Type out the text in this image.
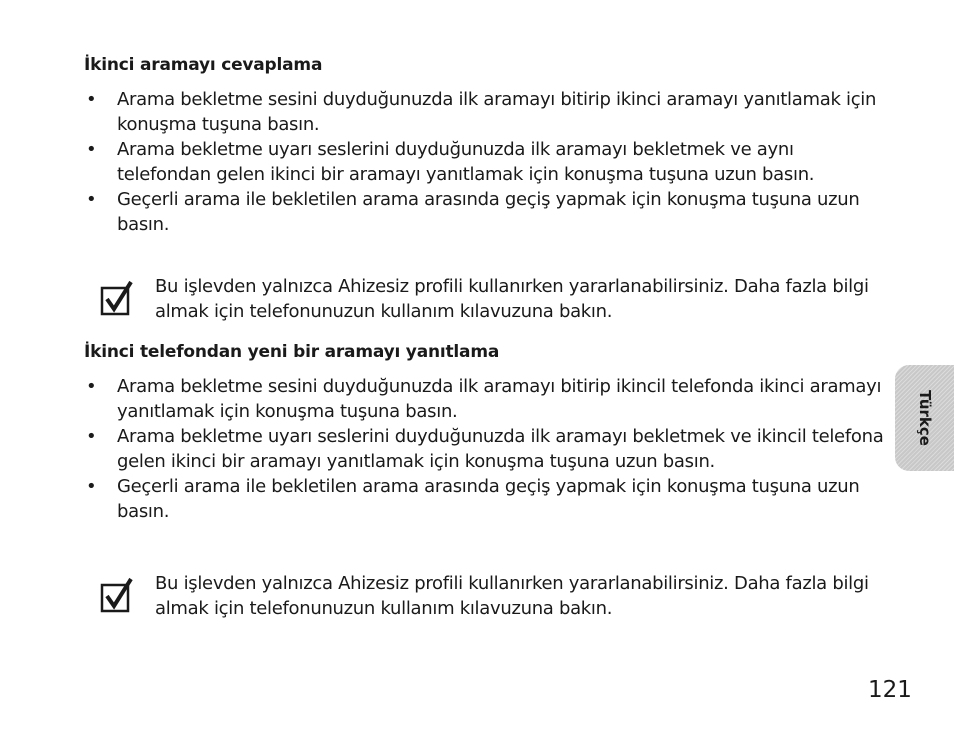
İkinci aramayı cevaplama
• Arama bekletme sesini duyduğunuzda ilk aramayı bitirip ikinci aramayı yanıtlamak için konuşma tuşuna basın.
• Arama bekletme uyarı seslerini duyduğunuzda ilk aramayı bekletmek ve aynı telefondan gelen ikinci bir aramayı yanıtlamak için konuşma tuşuna uzun basın.
• Geçerli arama ile bekletilen arama arasında geçiş yapmak için konuşma tuşuna uzun basın.
Bu işlevden yalnızca Ahizesiz profili kullanırken yararlanabilirsiniz. Daha fazla bilgi almak için telefonunuzun kullanım kılavuzuna bakın.
İkinci telefondan yeni bir aramayı yanıtlama
• Arama bekletme sesini duyduğunuzda ilk aramayı bitirip ikincil telefonda ikinci aramayı yanıtlamak için konuşma tuşuna basın.
• Arama bekletme uyarı seslerini duyduğunuzda ilk aramayı bekletmek ve ikincil telefona gelen ikinci bir aramayı yanıtlamak için konuşma tuşuna uzun basın.
• Geçerli arama ile bekletilen arama arasında geçiş yapmak için konuşma tuşuna uzun basın.
Bu işlevden yalnızca Ahizesiz profili kullanırken yararlanabilirsiniz. Daha fazla bilgi almak için telefonunuzun kullanım kılavuzuna bakın.
Türkçe
121
